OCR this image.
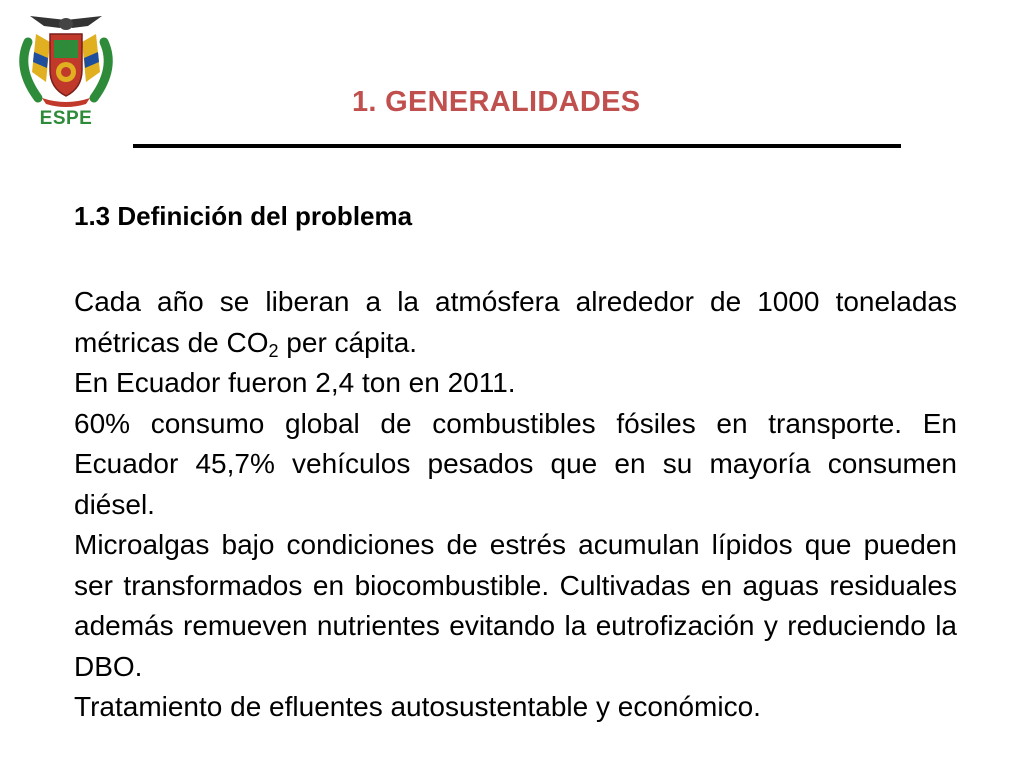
ESPE
1. GENERALIDADES
1.3 Definición del problema

Cada año se liberan a la atmósfera alrededor de 1000 toneladas métricas de $CO_2$ per cápita.

En Ecuador fueron 2,4 ton en 2011.

60% consumo global de combustibles fósiles en transporte. En Ecuador 45,7% vehículos pesados que en su mayoría consumen diésel.

Microalgas bajo condiciones de estrés acumulan lípidos que pueden ser transformados en biocombustible. Cultivadas en aguas residuales además remueven nutrientes evitando la eutrofización y reduciendo la DBO.

Tratamiento de efluentes autosustentable y económico.
